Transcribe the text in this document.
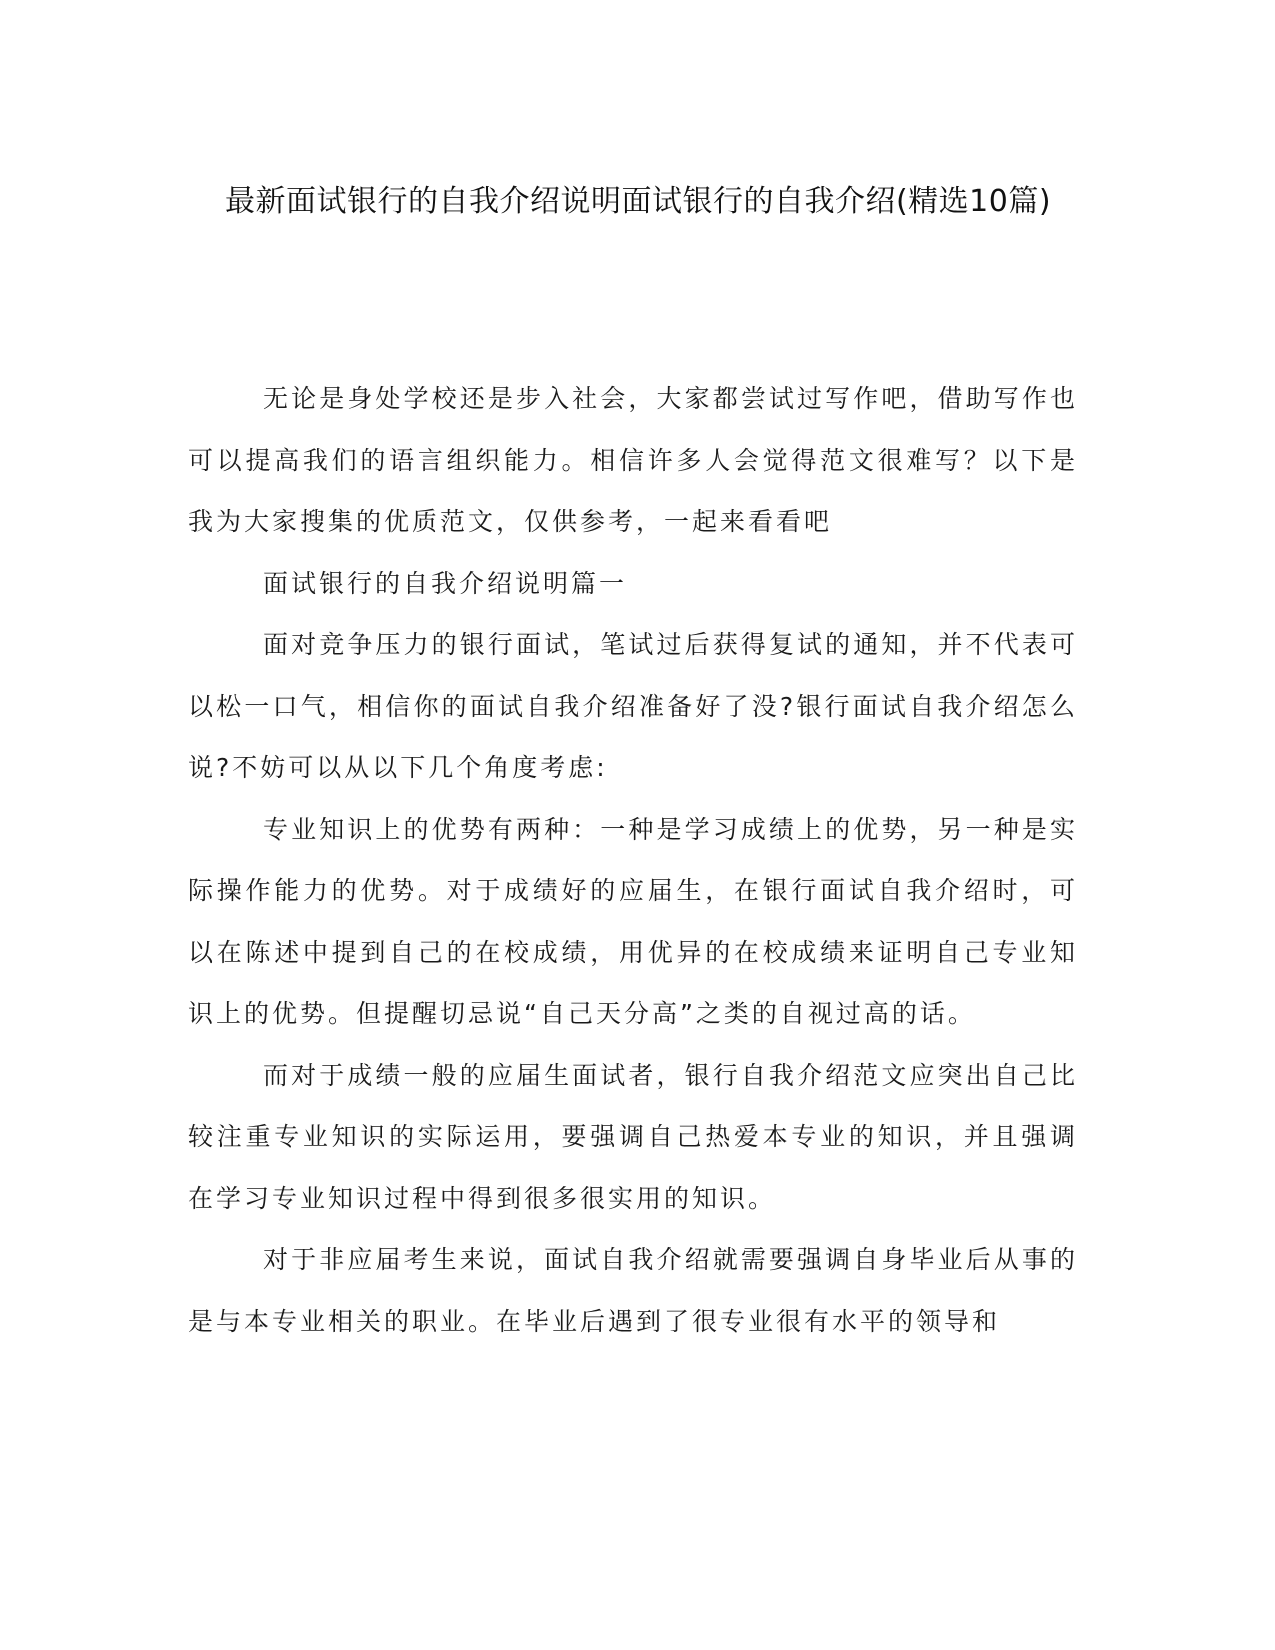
最新面试银行的自我介绍说明面试银行的自我介绍(精选10篇)

无论是身处学校还是步入社会，大家都尝试过写作吧，借助写作也可以提高我们的语言组织能力。相信许多人会觉得范文很难写？以下是我为大家搜集的优质范文，仅供参考，一起来看看吧

面试银行的自我介绍说明篇一

面对竞争压力的银行面试，笔试过后获得复试的通知，并不代表可以松一口气，相信你的面试自我介绍准备好了没?银行面试自我介绍怎么说?不妨可以从以下几个角度考虑:

专业知识上的优势有两种：一种是学习成绩上的优势，另一种是实际操作能力的优势。对于成绩好的应届生，在银行面试自我介绍时，可以在陈述中提到自己的在校成绩，用优异的在校成绩来证明自己专业知识上的优势。但提醒切忌说“自己天分高”之类的自视过高的话。

而对于成绩一般的应届生面试者，银行自我介绍范文应突出自己比较注重专业知识的实际运用，要强调自己热爱本专业的知识，并且强调在学习专业知识过程中得到很多很实用的知识。

对于非应届考生来说，面试自我介绍就需要强调自身毕业后从事的是与本专业相关的职业。在毕业后遇到了很专业很有水平的领导和
